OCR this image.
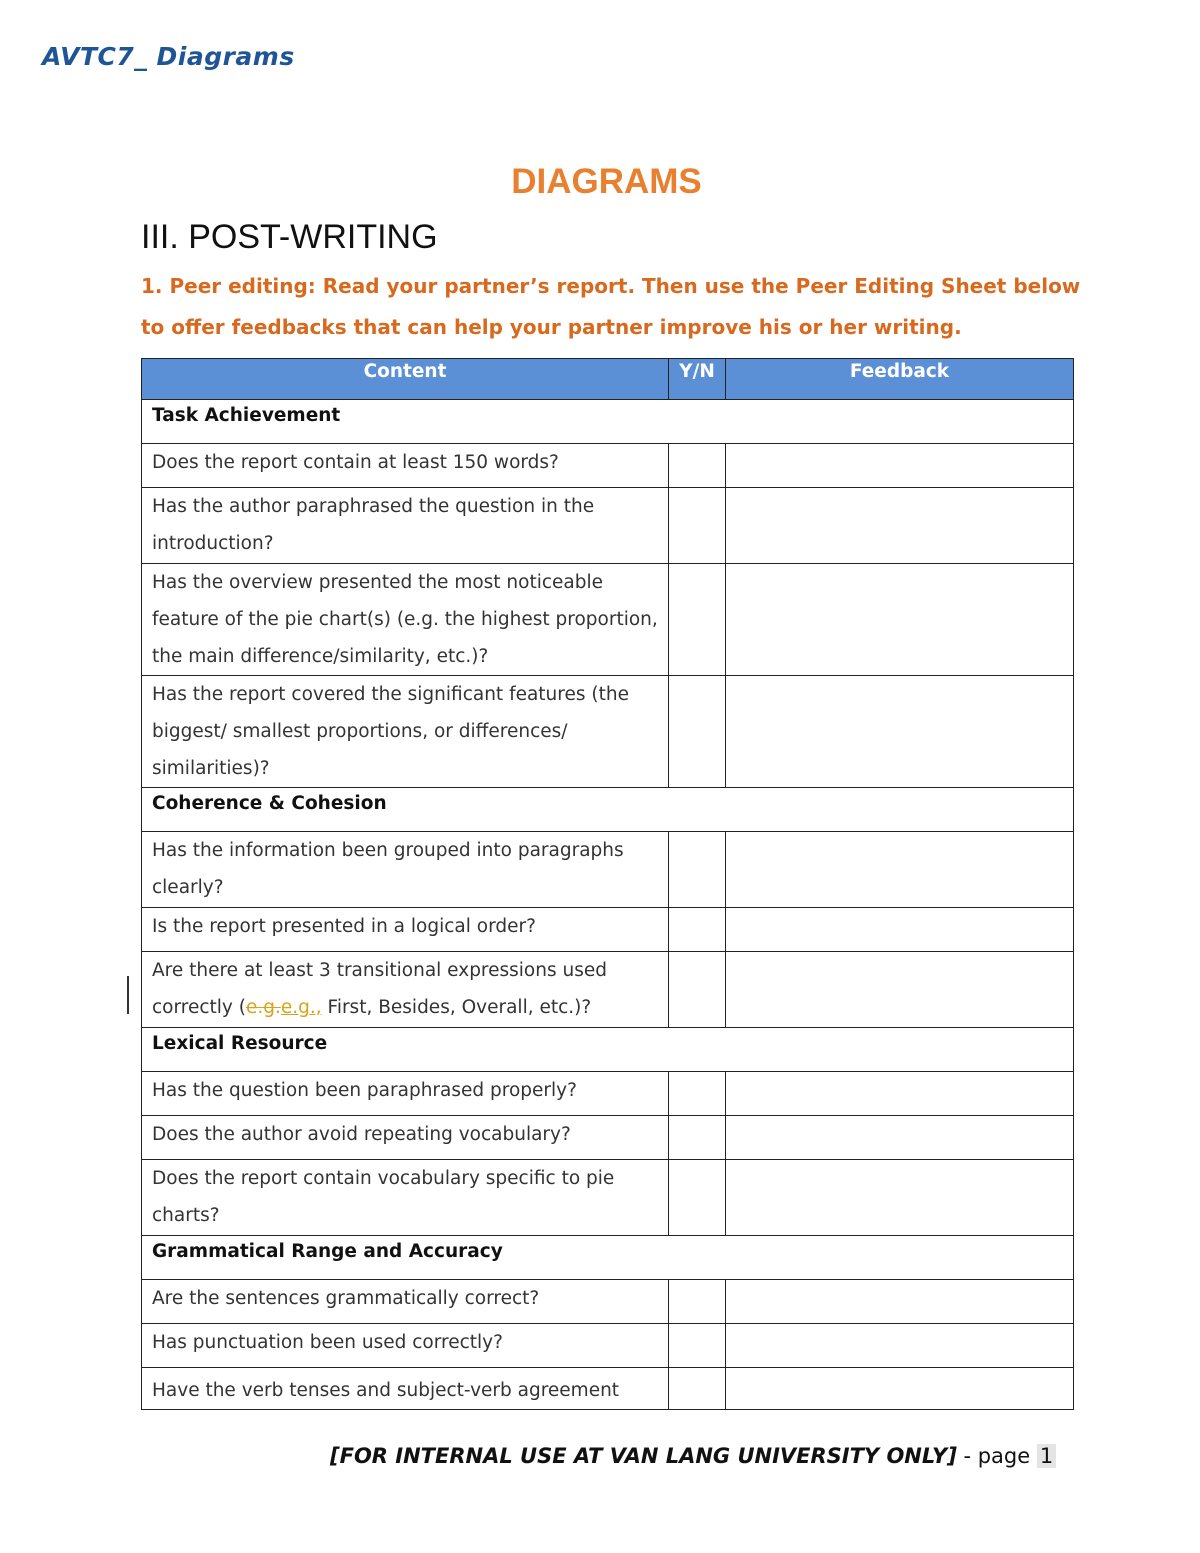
AVTC7_ Diagrams
DIAGRAMS
III. POST-WRITING
1. Peer editing: Read your partner’s report. Then use the Peer Editing Sheet below to offer feedbacks that can help your partner improve his or her writing.
Content	Y/N	Feedback
Task Achievement		
Does the report contain at least 150 words?		
Has the author paraphrased the question in the introduction?		
Has the overview presented the most noticeable feature of the pie chart(s) (e.g. the highest proportion, the main difference/similarity, etc.)?		
Has the report covered the significant features (the biggest/ smallest proportions, or differences/ similarities)?		
Coherence & Cohesion		
Has the information been grouped into paragraphs clearly?		
Is the report presented in a logical order?		
Are there at least 3 transitional expressions used correctly (e.g.e.g., First, Besides, Overall, etc.)?		
Lexical Resource		
Has the question been paraphrased properly?		
Does the author avoid repeating vocabulary?		
Does the report contain vocabulary specific to pie charts?		
Grammatical Range and Accuracy		
Are the sentences grammatically correct?		
Has punctuation been used correctly?		
Have the verb tenses and subject-verb agreement		
[FOR INTERNAL USE AT VAN LANG UNIVERSITY ONLY] - page 1
